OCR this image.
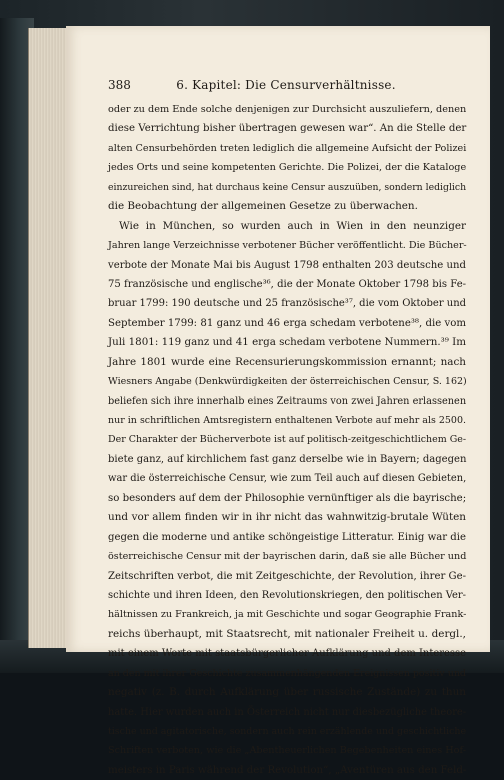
388	6. Kapitel: Die Censurverhältnisse.
oder zu dem Ende solche denjenigen zur Durchsicht auszuliefern, denen
diese Verrichtung bisher übertragen gewesen war“. An die Stelle der
alten Censurbehörden treten lediglich die allgemeine Aufsicht der Polizei
jedes Orts und seine kompetenten Gerichte. Die Polizei, der die Kataloge
einzureichen sind, hat durchaus keine Censur auszuüben, sondern lediglich
die Beobachtung der allgemeinen Gesetze zu überwachen.
Wie in München, so wurden auch in Wien in den neunziger
Jahren lange Verzeichnisse verbotener Bücher veröffentlicht. Die Bücher-
verbote der Monate Mai bis August 1798 enthalten 203 deutsche und
75 französische und englische³⁶, die der Monate Oktober 1798 bis Fe-
bruar 1799: 190 deutsche und 25 französische³⁷, die vom Oktober und
September 1799: 81 ganz und 46 erga schedam verbotene³⁸, die vom
Juli 1801: 119 ganz und 41 erga schedam verbotene Nummern.³⁹ Im
Jahre 1801 wurde eine Recensurierungskommission ernannt; nach
Wiesners Angabe (Denkwürdigkeiten der österreichischen Censur, S. 162)
beliefen sich ihre innerhalb eines Zeitraums von zwei Jahren erlassenen
nur in schriftlichen Amtsregistern enthaltenen Verbote auf mehr als 2500.
Der Charakter der Bücherverbote ist auf politisch-zeitgeschichtlichem Ge-
biete ganz, auf kirchlichem fast ganz derselbe wie in Bayern; dagegen
war die österreichische Censur, wie zum Teil auch auf diesen Gebieten,
so besonders auf dem der Philosophie vernünftiger als die bayrische;
und vor allem finden wir in ihr nicht das wahnwitzig-brutale Wüten
gegen die moderne und antike schöngeistige Litteratur. Einig war die
österreichische Censur mit der bayrischen darin, daß sie alle Bücher und
Zeitschriften verbot, die mit Zeitgeschichte, der Revolution, ihrer Ge-
schichte und ihren Ideen, den Revolutionskriegen, den politischen Ver-
hältnissen zu Frankreich, ja mit Geschichte und sogar Geographie Frank-
reichs überhaupt, mit Staatsrecht, mit nationaler Freiheit u. dergl.,
mit einem Worte mit staatsbürgerlicher Aufklärung und dem Interesse
an den mit ihrer Geschichte zusammenhängenden Ereignissen positiv und
negativ (z. B. durch Aufklärung über russische Zustände) zu thun
hatte. Hier wurden auch in Österreich nicht nur diesbezügliche theore-
tische und agitatorische, sondern auch rein erzählende und geschichtliche
Schriften verboten, wie die „Abentheuerlichen Begebenheiten eines Hof-
meisters in Paris während der Revolution“, „Aventüren aus den Feld-
